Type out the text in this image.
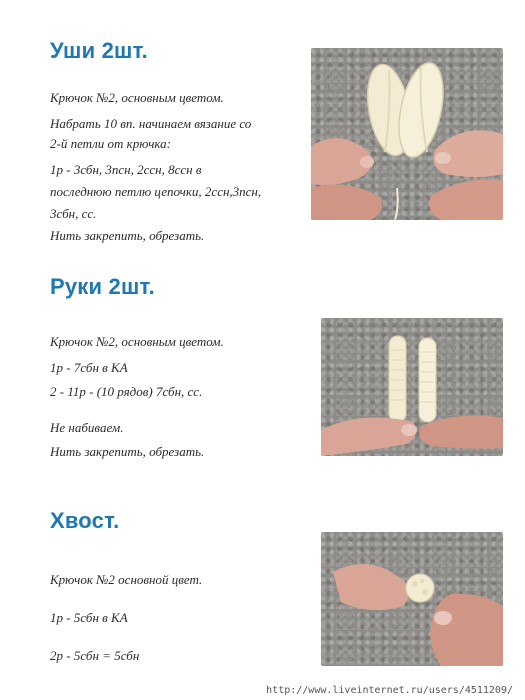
Уши 2шт.
Крючок №2, основным цветом.
Набрать 10 вп. начинаем вязание со
2-й петли от крючка:
1р - 3сбн, 3псн, 2сcн, 8ссн в
последнюю петлю цепочки, 2ссн,3псн,
3сбн, сс.
Нить закрепить, обрезать.
Руки 2шт.
Крючок №2, основным цветом.
1р - 7сбн в КА
2 - 11р - (10 рядов) 7сбн, сс.
Не набиваем.
Нить закрепить, обрезать.
Хвост.
Крючок №2 основной цвет.
1р - 5сбн в КА
2р - 5сбн = 5сбн
http://www.liveinternet.ru/users/4511209/
